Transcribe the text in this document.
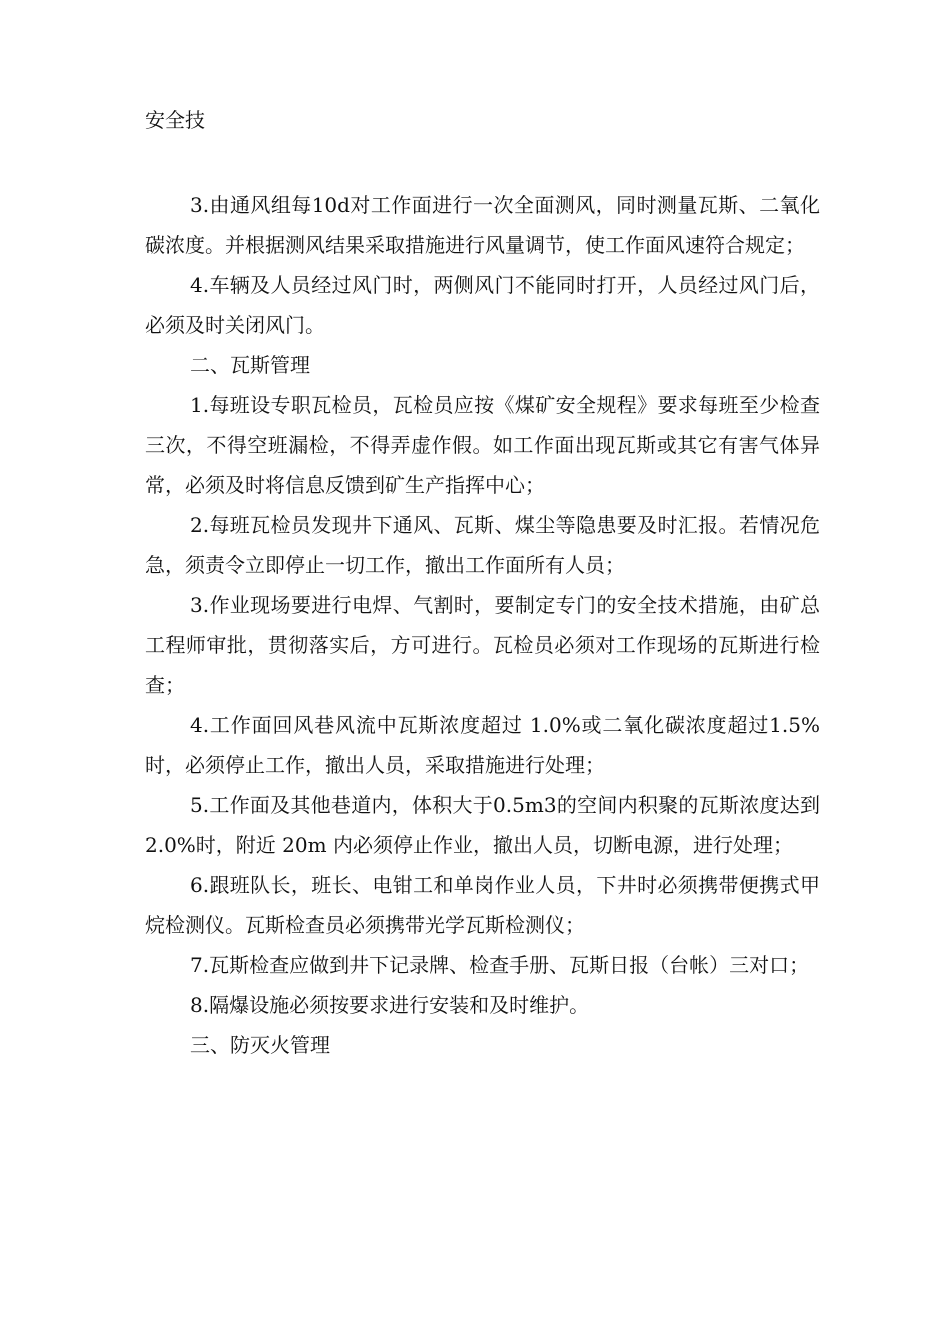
安全技

3.由通风组每10d对工作面进行一次全面测风，同时测量瓦斯、二氧化碳浓度。并根据测风结果采取措施进行风量调节，使工作面风速符合规定；

4.车辆及人员经过风门时，两侧风门不能同时打开，人员经过风门后，必须及时关闭风门。

二、瓦斯管理

1.每班设专职瓦检员，瓦检员应按《煤矿安全规程》要求每班至少检查三次，不得空班漏检，不得弄虚作假。如工作面出现瓦斯或其它有害气体异常，必须及时将信息反馈到矿生产指挥中心；

2.每班瓦检员发现井下通风、瓦斯、煤尘等隐患要及时汇报。若情况危急，须责令立即停止一切工作，撤出工作面所有人员；

3.作业现场要进行电焊、气割时，要制定专门的安全技术措施，由矿总工程师审批，贯彻落实后，方可进行。瓦检员必须对工作现场的瓦斯进行检查；

4.工作面回风巷风流中瓦斯浓度超过 1.0%或二氧化碳浓度超过1.5%时，必须停止工作，撤出人员，采取措施进行处理；

5.工作面及其他巷道内，体积大于0.5m3的空间内积聚的瓦斯浓度达到 2.0%时，附近 20m 内必须停止作业，撤出人员，切断电源，进行处理；

6.跟班队长，班长、电钳工和单岗作业人员，下井时必须携带便携式甲烷检测仪。瓦斯检查员必须携带光学瓦斯检测仪；

7.瓦斯检查应做到井下记录牌、检查手册、瓦斯日报（台帐）三对口；

8.隔爆设施必须按要求进行安装和及时维护。

三、防灭火管理
